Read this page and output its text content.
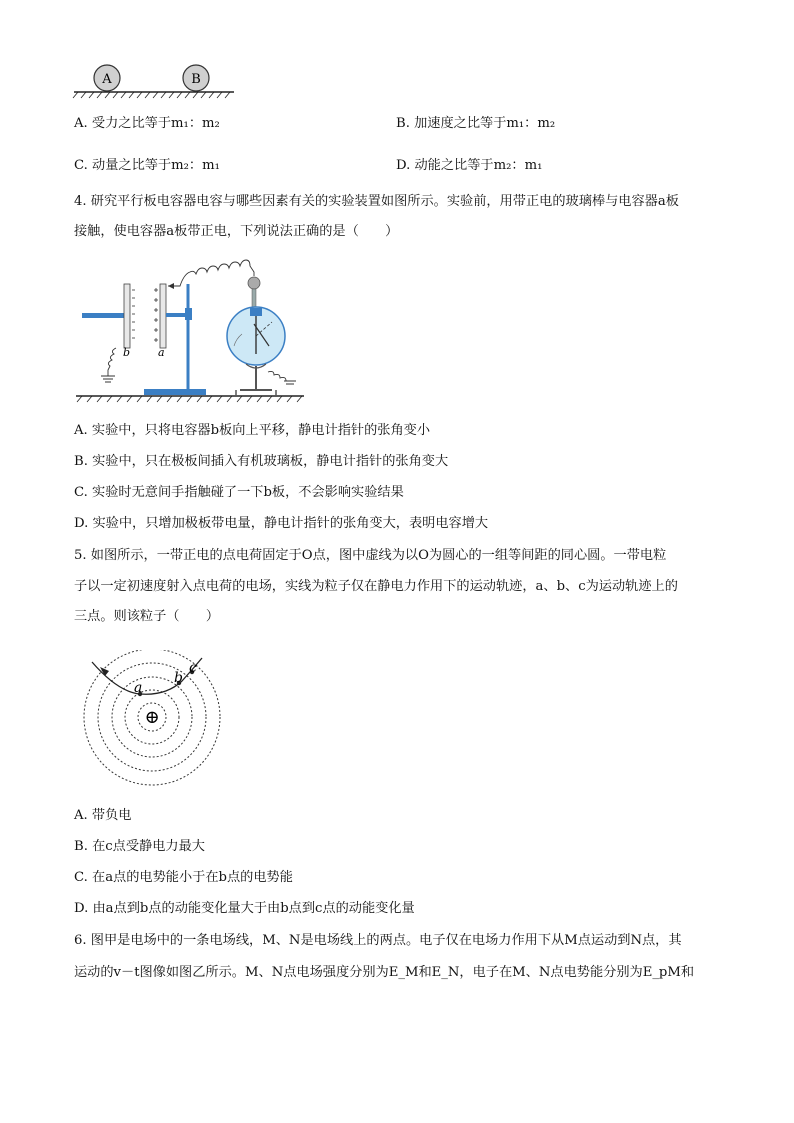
A	B
A. 受力之比等于m₁：m₂	B. 加速度之比等于m₁：m₂
C. 动量之比等于m₂：m₁	D. 动能之比等于m₂：m₁
4. 研究平行板电容器电容与哪些因素有关的实验装置如图所示。实验前，用带正电的玻璃棒与电容器a板
接触，使电容器a板带正电，下列说法正确的是（　　）
b	a
A. 实验中，只将电容器b板向上平移，静电计指针的张角变小
B. 实验中，只在极板间插入有机玻璃板，静电计指针的张角变大
C. 实验时无意间手指触碰了一下b板，不会影响实验结果
D. 实验中，只增加极板带电量，静电计指针的张角变大，表明电容增大
5. 如图所示，一带正电的点电荷固定于O点，图中虚线为以O为圆心的一组等间距的同心圆。一带电粒
子以一定初速度射入点电荷的电场，实线为粒子仅在静电力作用下的运动轨迹，a、b、c为运动轨迹上的
三点。则该粒子（　　）
a
b
c
⊕
A. 带负电
B. 在c点受静电力最大
C. 在a点的电势能小于在b点的电势能
D. 由a点到b点的动能变化量大于由b点到c点的动能变化量
6. 图甲是电场中的一条电场线，M、N是电场线上的两点。电子仅在电场力作用下从M点运动到N点，其
运动的v－t图像如图乙所示。M、N点电场强度分别为E_M和E_N，电子在M、N点电势能分别为E_pM和
